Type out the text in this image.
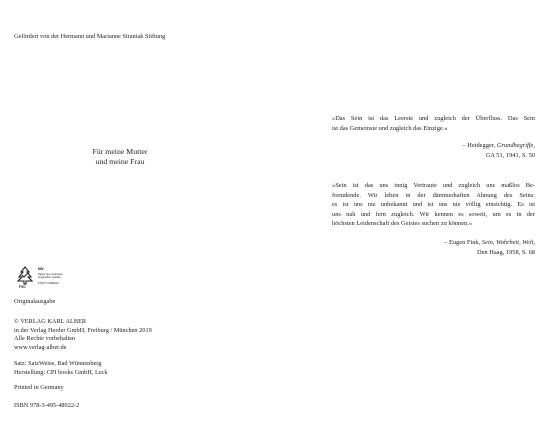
Gefördert von der Hermann und Marianne Straniak Stiftung
Für meine Mutter
und meine Frau
FSC
MIX
Papier aus verantwor-
tungsvollen Quellen
FSC® C083411
Originalausgabe
© VERLAG KARL ALBER
in der Verlag Herder GmbH, Freiburg / München 2019
Alle Rechte vorbehalten
www.verlag-alber.de
Satz: SatzWeise, Bad Wünnenberg
Herstellung: CPI books GmbH, Leck
Printed in Germany
ISBN 978-3-495-48922-2
»Das Sein ist das Leerste und zugleich der Überfluss. Das Sein
ist das Gemeinste und zugleich das Einzige.«
– Heidegger, Grundbegriffe,
GA 51, 1941, S. 50
»Sein ist das uns innig Vertraute und zugleich uns maßlos Be-
fremdende. Wir leben in der dämmerhaften Ahnung des Seins:
es ist uns nie unbekannt und ist uns nie völlig einsichtig. Es ist
uns nah und fern zugleich. Wir kennen es soweit, um es in der
höchsten Leidenschaft des Geistes suchen zu können.«
– Eugen Fink, Sein, Wahrheit, Welt,
Den Haag, 1958, S. 68
